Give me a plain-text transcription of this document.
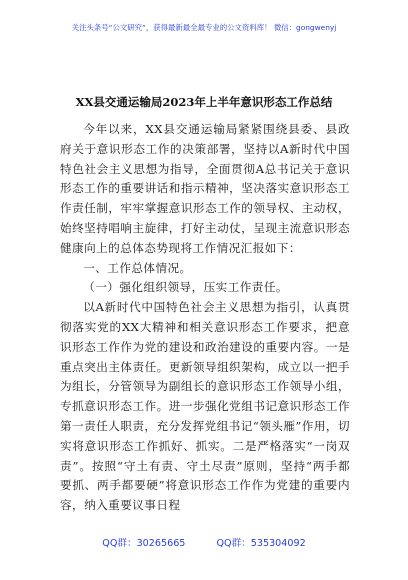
关注头条号“公文研究”，获得最新最全最专业的公文资料库！ 微信：gongwenyj
XX县交通运输局2023年上半年意识形态工作总结

今年以来，XX县交通运输局紧紧围绕县委、县政府关于意识形态工作的决策部署，坚持以A新时代中国特色社会主义思想为指导，全面贯彻A总书记关于意识形态工作的重要讲话和指示精神，坚决落实意识形态工作责任制，牢牢掌握意识形态工作的领导权、主动权，始终坚持唱响主旋律，打好主动仗，呈现主流意识形态健康向上的总体态势现将工作情况汇报如下：

一、工作总体情况。

（一）强化组织领导，压实工作责任。

以A新时代中国特色社会主义思想为指引，认真贯彻落实党的XX大精神和相关意识形态工作要求，把意识形态工作作为党的建设和政治建设的重要内容。一是重点突出主体责任。更新领导组织架构，成立以一把手为组长，分管领导为副组长的意识形态工作领导小组，专抓意识形态工作。进一步强化党组书记意识形态工作第一责任人职责，充分发挥党组书记“领头雁”作用，切实将意识形态工作抓好、抓实。二是严格落实“一岗双责”。按照“守土有责、守土尽责”原则，坚持“两手都要抓、两手都要硬”将意识形态工作作为党建的重要内容，纳入重要议事日程

QQ群：30265665	QQ群：535304092
